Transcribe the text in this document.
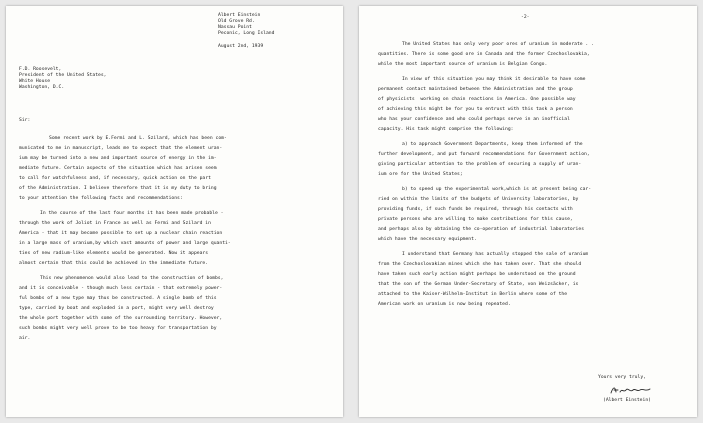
Albert Einstein
Old Grove Rd.
Nassau Point
Peconic, Long Island
August 2nd, 1939
F.D. Roosevelt,
President of the United States,
White House
Washington, D.C.
Sir:
Some recent work by E.Fermi and L. Szilard, which has been com-
municated to me in manuscript, leads me to expect that the element uran-
ium may be turned into a new and important source of energy in the im-
mediate future. Certain aspects of the situation which has arisen seem
to call for watchfulness and, if necessary, quick action on the part
of the Administration. I believe therefore that it is my duty to bring
to your attention the following facts and recommendations:
In the course of the last four months it has been made probable -
through the work of Joliot in France as well as Fermi and Szilard in
America - that it may become possible to set up a nuclear chain reaction
in a large mass of uranium,by which vast amounts of power and large quanti-
ties of new radium-like elements would be generated. Now it appears
almost certain that this could be achieved in the immediate future.
This new phenomenon would also lead to the construction of bombs,
and it is conceivable - though much less certain - that extremely power-
ful bombs of a new type may thus be constructed. A single bomb of this
type, carried by boat and exploded in a port, might very well destroy
the whole port together with some of the surrounding territory. However,
such bombs might very well prove to be too heavy for transportation by
air.
-2-
The United States has only very poor ores of uranium in moderate . .
quantities. There is some good ore in Canada and the former Czechoslovakia,
while the most important source of uranium is Belgian Congo.
In view of this situation you may think it desirable to have some
permanent contact maintained between the Administration and the group
of physicists  working on chain reactions in America. One possible way
of achieving this might be for you to entrust with this task a person
who has your confidence and who could perhaps serve in an inofficial
capacity. His task might comprise the following:
a) to approach Government Departments, keep them informed of the
further development, and put forward recommendations for Government action,
giving particular attention to the problem of securing a supply of uran-
ium ore for the United States;
b) to speed up the experimental work,which is at present being car-
ried on within the limits of the budgets of University laboratories, by
providing funds, if such funds be required, through his contacts with
private persons who are willing to make contributions for this cause,
and perhaps also by obtaining the co-operation of industrial laboratories
which have the necessary equipment.
I understand that Germany has actually stopped the sale of uranium
from the Czechoslovakian mines which she has taken over. That she should
have taken such early action might perhaps be understood on the ground
that the son of the German Under-Secretary of State, von Weizsäcker, is
attached to the Kaiser-Wilhelm-Institut in Berlin where some of the
American work on uranium is now being repeated.
Yours very truly,
(Albert Einstein)
